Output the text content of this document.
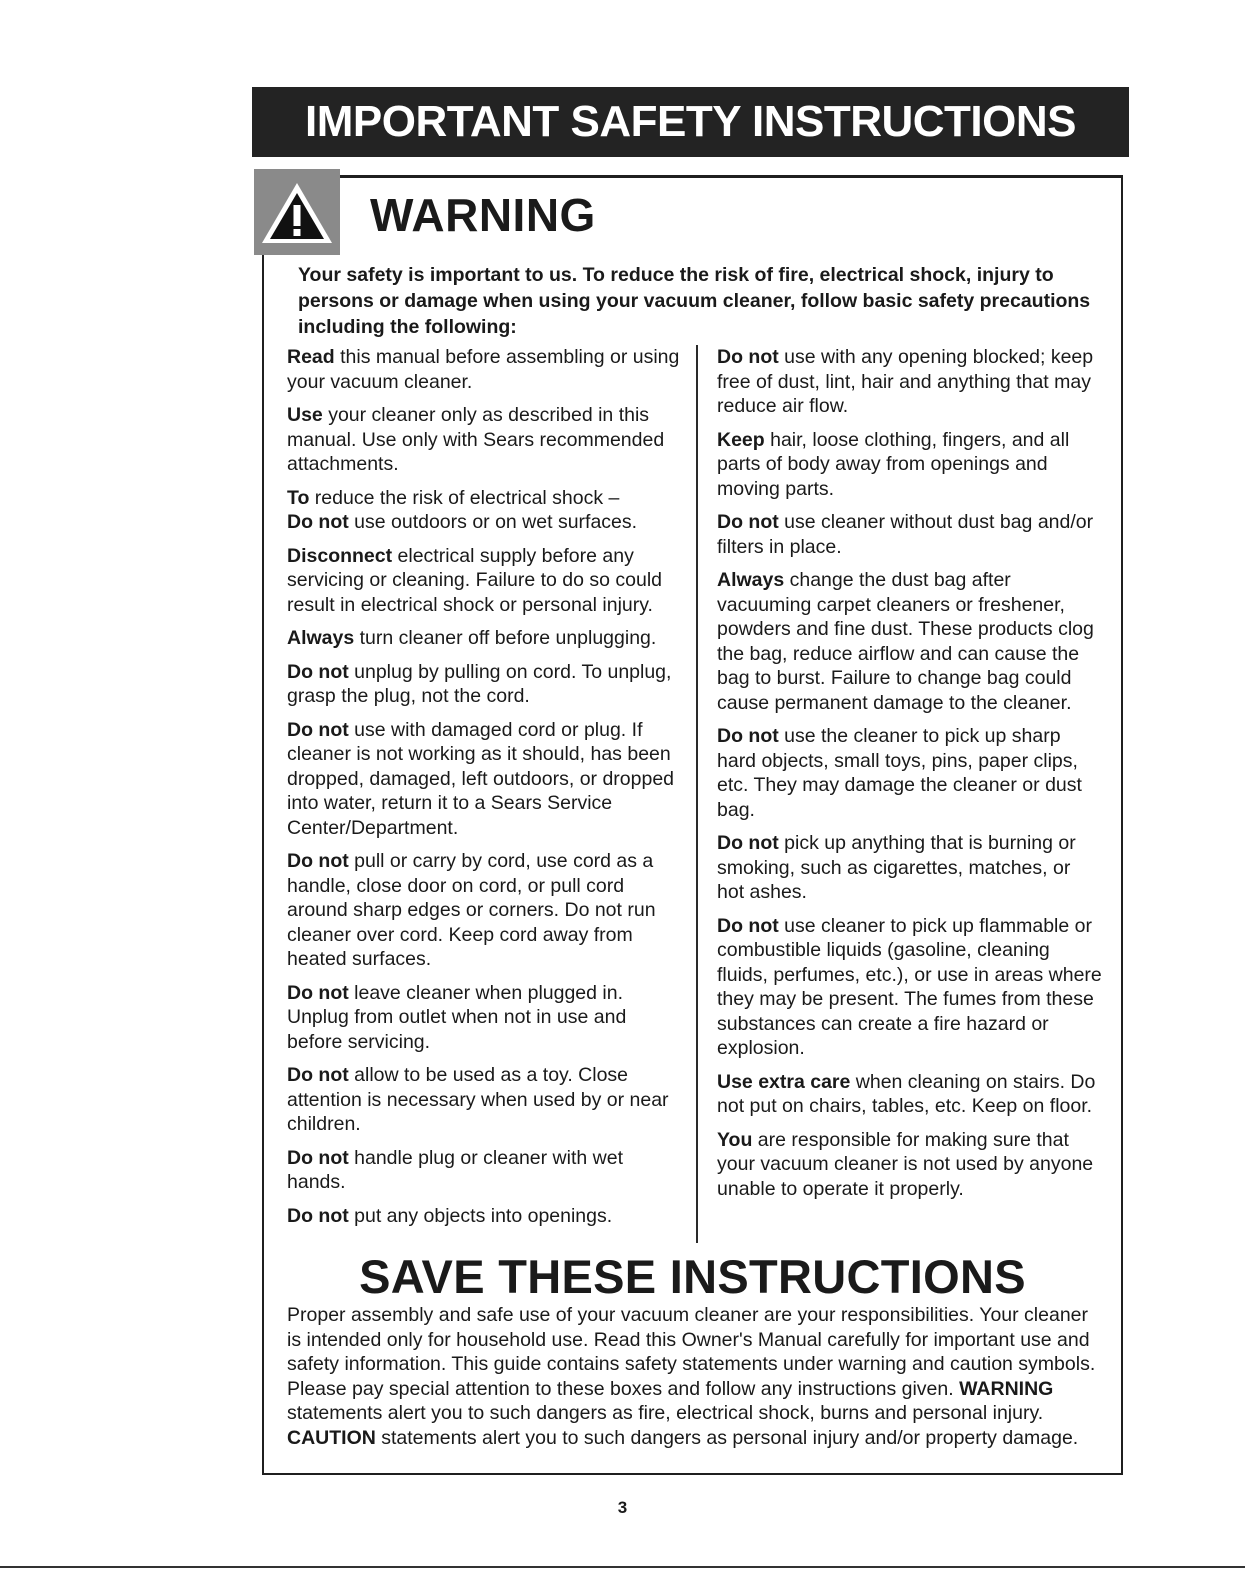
IMPORTANT SAFETY INSTRUCTIONS
WARNING
Your safety is important to us. To reduce the risk of fire, electrical shock, injury to persons or damage when using your vacuum cleaner, follow basic safety precautions including the following:

Read this manual before assembling or using your vacuum cleaner.

Use your cleaner only as described in this manual. Use only with Sears recommended attachments.

To reduce the risk of electrical shock –
Do not use outdoors or on wet surfaces.

Disconnect electrical supply before any servicing or cleaning. Failure to do so could result in electrical shock or personal injury.

Always turn cleaner off before unplugging.

Do not unplug by pulling on cord. To unplug, grasp the plug, not the cord.

Do not use with damaged cord or plug. If cleaner is not working as it should, has been dropped, damaged, left outdoors, or dropped into water, return it to a Sears Service Center/Department.

Do not pull or carry by cord, use cord as a handle, close door on cord, or pull cord around sharp edges or corners. Do not run cleaner over cord. Keep cord away from heated surfaces.

Do not leave cleaner when plugged in. Unplug from outlet when not in use and before servicing.

Do not allow to be used as a toy. Close attention is necessary when used by or near children.

Do not handle plug or cleaner with wet hands.

Do not put any objects into openings.

Do not use with any opening blocked; keep free of dust, lint, hair and anything that may reduce air flow.

Keep hair, loose clothing, fingers, and all parts of body away from openings and moving parts.

Do not use cleaner without dust bag and/or filters in place.

Always change the dust bag after vacuuming carpet cleaners or freshener, powders and fine dust. These products clog the bag, reduce airflow and can cause the bag to burst. Failure to change bag could cause permanent damage to the cleaner.

Do not use the cleaner to pick up sharp hard objects, small toys, pins, paper clips, etc. They may damage the cleaner or dust bag.

Do not pick up anything that is burning or smoking, such as cigarettes, matches, or hot ashes.

Do not use cleaner to pick up flammable or combustible liquids (gasoline, cleaning fluids, perfumes, etc.), or use in areas where they may be present. The fumes from these substances can create a fire hazard or explosion.

Use extra care when cleaning on stairs. Do not put on chairs, tables, etc. Keep on floor.

You are responsible for making sure that your vacuum cleaner is not used by anyone unable to operate it properly.

SAVE THESE INSTRUCTIONS
Proper assembly and safe use of your vacuum cleaner are your responsibilities. Your cleaner is intended only for household use. Read this Owner's Manual carefully for important use and safety information. This guide contains safety statements under warning and caution symbols. Please pay special attention to these boxes and follow any instructions given. WARNING statements alert you to such dangers as fire, electrical shock, burns and personal injury. CAUTION statements alert you to such dangers as personal injury and/or property damage.
3
